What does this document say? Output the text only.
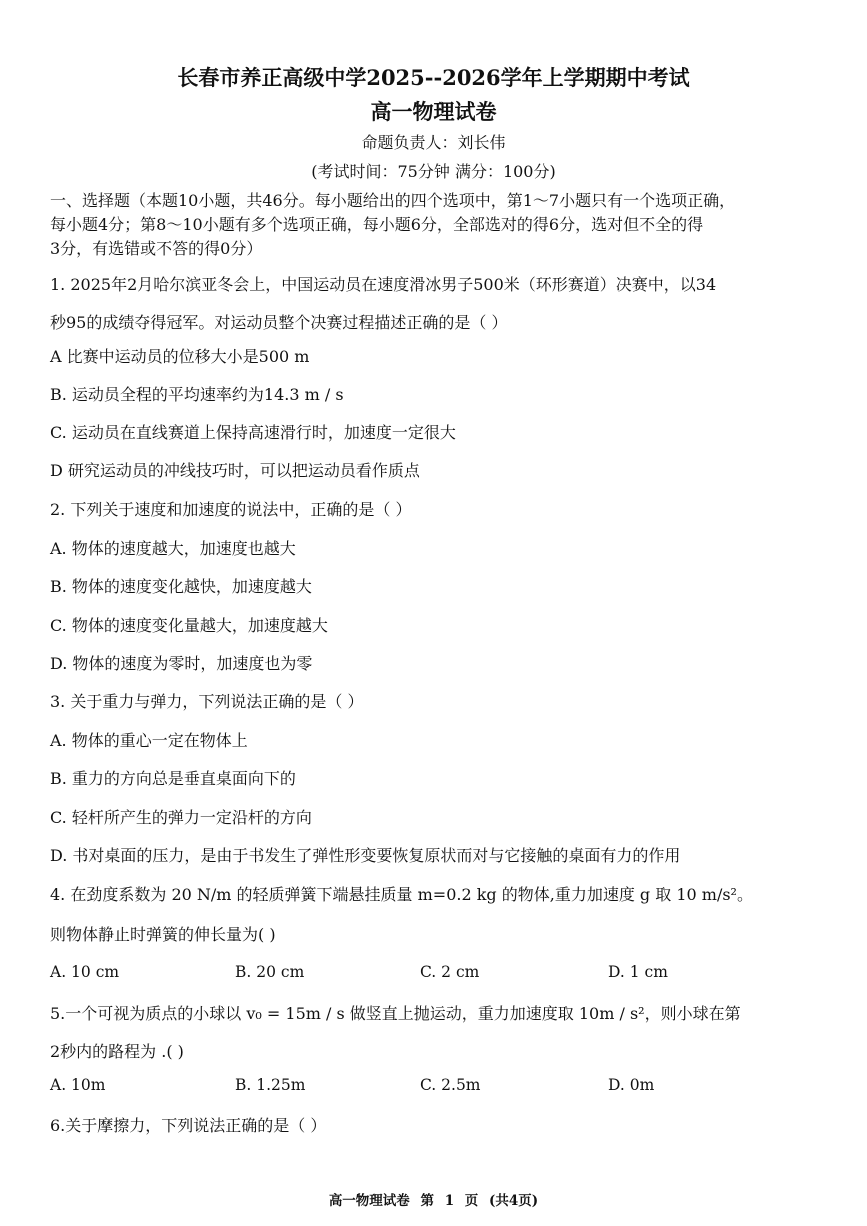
长春市养正高级中学2025--2026学年上学期期中考试
高一物理试卷
命题负责人：刘长伟
(考试时间：75分钟 满分：100分)
一、选择题（本题10小题，共46分。每小题给出的四个选项中，第1～7小题只有一个选项正确，
每小题4分；第8～10小题有多个选项正确，每小题6分，全部选对的得6分，选对但不全的得
3分，有选错或不答的得0分）
1. 2025年2月哈尔滨亚冬会上，中国运动员在速度滑冰男子500米（环形赛道）决赛中，以34
秒95的成绩夺得冠军。对运动员整个决赛过程描述正确的是（ ）
A 比赛中运动员的位移大小是500 m
B. 运动员全程的平均速率约为14.3 m / s
C. 运动员在直线赛道上保持高速滑行时，加速度一定很大
D 研究运动员的冲线技巧时，可以把运动员看作质点
2. 下列关于速度和加速度的说法中，正确的是（ ）
A. 物体的速度越大，加速度也越大
B. 物体的速度变化越快，加速度越大
C. 物体的速度变化量越大，加速度越大
D. 物体的速度为零时，加速度也为零
3. 关于重力与弹力，下列说法正确的是（ ）
A. 物体的重心一定在物体上
B. 重力的方向总是垂直桌面向下的
C. 轻杆所产生的弹力一定沿杆的方向
D. 书对桌面的压力，是由于书发生了弹性形变要恢复原状而对与它接触的桌面有力的作用
4. 在劲度系数为 20 N/m 的轻质弹簧下端悬挂质量 m=0.2 kg 的物体,重力加速度 g 取 10 m/s²。
则物体静止时弹簧的伸长量为( )
A. 10 cm	B. 20 cm	C. 2 cm	D. 1 cm
5.一个可视为质点的小球以 v₀ = 15m / s 做竖直上抛运动，重力加速度取 10m / s²，则小球在第
2秒内的路程为 .( )
A. 10m	B. 1.25m	C. 2.5m	D. 0m
6.关于摩擦力，下列说法正确的是（ ）
高一物理试卷 第 1 页 (共4页)
